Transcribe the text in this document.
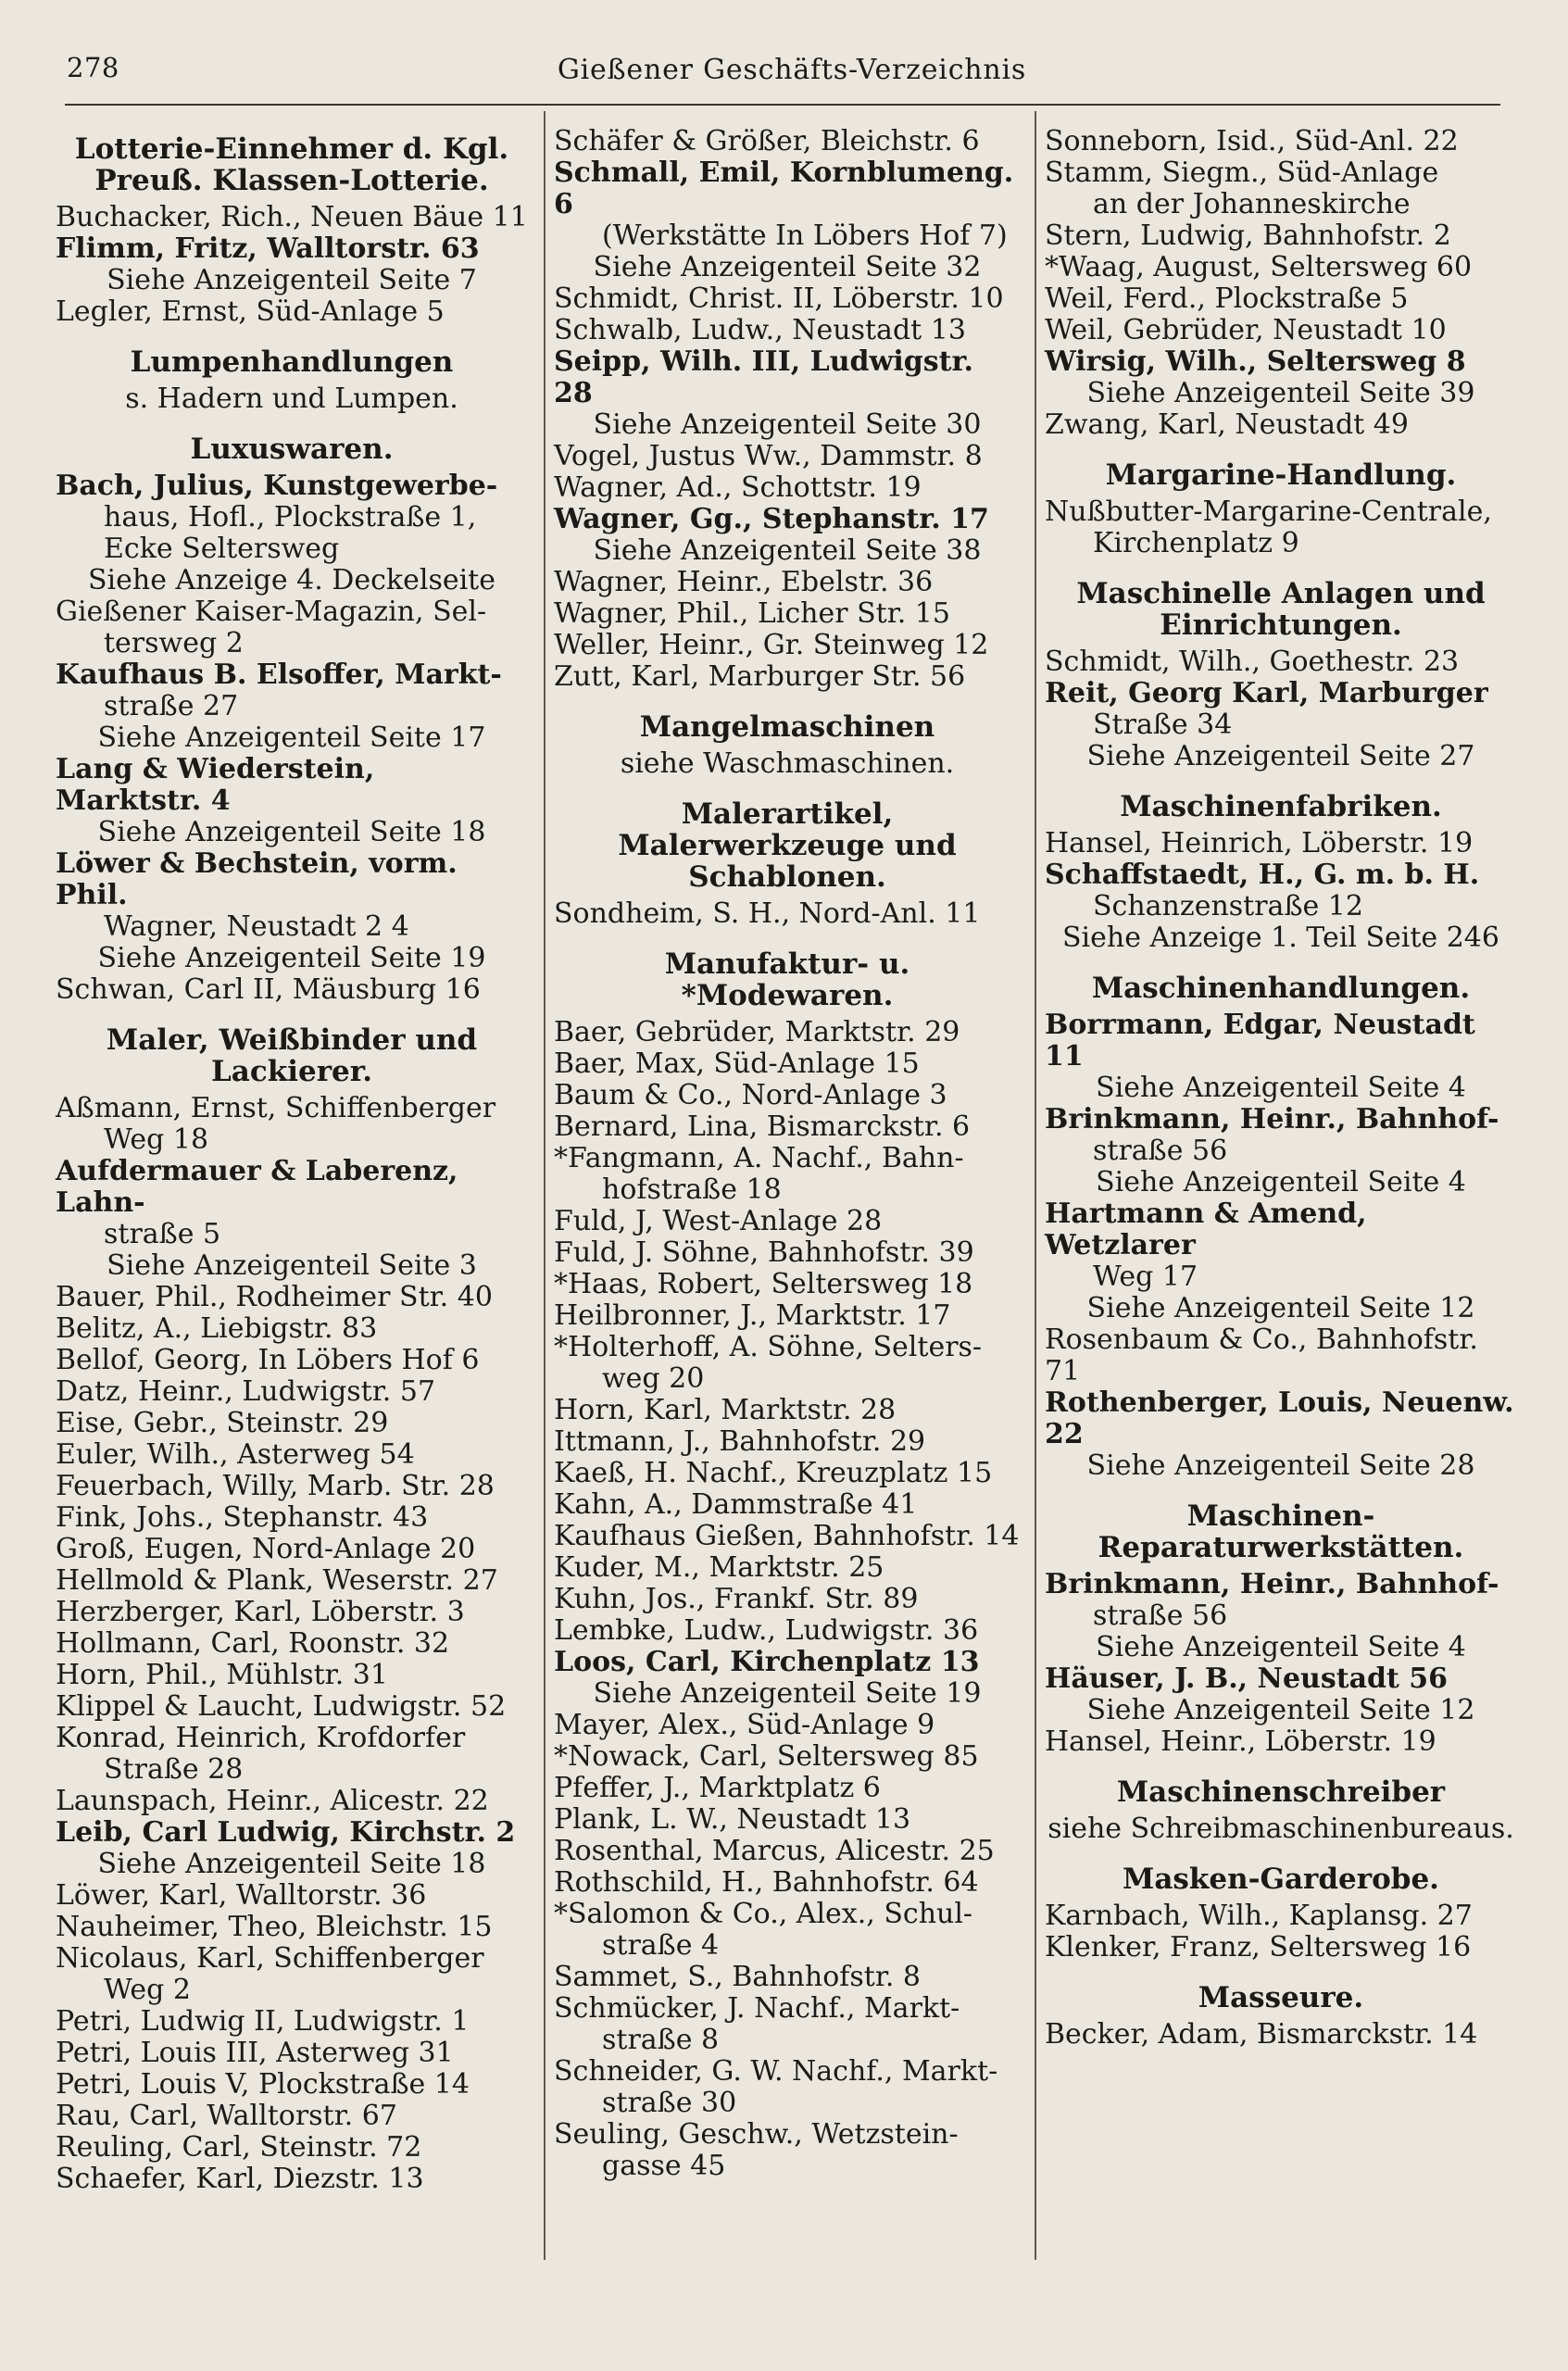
278	Gießener Geschäfts-Verzeichnis
Lotterie-Einnehmer d. Kgl. Preuß. Klassen-Lotterie.
Buchacker, Rich., Neuen Bäue 11
Flimm, Fritz, Walltorstr. 63
Siehe Anzeigenteil Seite 7
Legler, Ernst, Süd-Anlage 5
Lumpenhandlungen
s. Hadern und Lumpen.
Luxuswaren.
Bach, Julius, Kunstgewerbe-
haus, Hofl., Plockstraße 1,
Ecke Seltersweg
Siehe Anzeige 4. Deckelseite
Gießener Kaiser-Magazin, Sel-
tersweg 2
Kaufhaus B. Elsoffer, Markt-
straße 27
Siehe Anzeigenteil Seite 17
Lang & Wiederstein, Marktstr. 4
Siehe Anzeigenteil Seite 18
Löwer & Bechstein, vorm. Phil.
Wagner, Neustadt 2 4
Siehe Anzeigenteil Seite 19
Schwan, Carl II, Mäusburg 16
Maler, Weißbinder und Lackierer.
Aßmann, Ernst, Schiffenberger
Weg 18
Aufdermauer & Laberenz, Lahn-
straße 5
Siehe Anzeigenteil Seite 3
Bauer, Phil., Rodheimer Str. 40
Belitz, A., Liebigstr. 83
Bellof, Georg, In Löbers Hof 6
Datz, Heinr., Ludwigstr. 57
Eise, Gebr., Steinstr. 29
Euler, Wilh., Asterweg 54
Feuerbach, Willy, Marb. Str. 28
Fink, Johs., Stephanstr. 43
Groß, Eugen, Nord-Anlage 20
Hellmold & Plank, Weserstr. 27
Herzberger, Karl, Löberstr. 3
Hollmann, Carl, Roonstr. 32
Horn, Phil., Mühlstr. 31
Klippel & Laucht, Ludwigstr. 52
Konrad, Heinrich, Krofdorfer
Straße 28
Launspach, Heinr., Alicestr. 22
Leib, Carl Ludwig, Kirchstr. 2
Siehe Anzeigenteil Seite 18
Löwer, Karl, Walltorstr. 36
Nauheimer, Theo, Bleichstr. 15
Nicolaus, Karl, Schiffenberger
Weg 2
Petri, Ludwig II, Ludwigstr. 1
Petri, Louis III, Asterweg 31
Petri, Louis V, Plockstraße 14
Rau, Carl, Walltorstr. 67
Reuling, Carl, Steinstr. 72
Schaefer, Karl, Diezstr. 13
Schäfer & Größer, Bleichstr. 6
Schmall, Emil, Kornblumeng. 6
(Werkstätte In Löbers Hof 7)
Siehe Anzeigenteil Seite 32
Schmidt, Christ. II, Löberstr. 10
Schwalb, Ludw., Neustadt 13
Seipp, Wilh. III, Ludwigstr. 28
Siehe Anzeigenteil Seite 30
Vogel, Justus Ww., Dammstr. 8
Wagner, Ad., Schottstr. 19
Wagner, Gg., Stephanstr. 17
Siehe Anzeigenteil Seite 38
Wagner, Heinr., Ebelstr. 36
Wagner, Phil., Licher Str. 15
Weller, Heinr., Gr. Steinweg 12
Zutt, Karl, Marburger Str. 56
Mangelmaschinen
siehe Waschmaschinen.
Malerartikel, Malerwerkzeuge und Schablonen.
Sondheim, S. H., Nord-Anl. 11
Manufaktur- u. *Modewaren.
Baer, Gebrüder, Marktstr. 29
Baer, Max, Süd-Anlage 15
Baum & Co., Nord-Anlage 3
Bernard, Lina, Bismarckstr. 6
*Fangmann, A. Nachf., Bahn-
hofstraße 18
Fuld, J, West-Anlage 28
Fuld, J. Söhne, Bahnhofstr. 39
*Haas, Robert, Seltersweg 18
Heilbronner, J., Marktstr. 17
*Holterhoff, A. Söhne, Selters-
weg 20
Horn, Karl, Marktstr. 28
Ittmann, J., Bahnhofstr. 29
Kaeß, H. Nachf., Kreuzplatz 15
Kahn, A., Dammstraße 41
Kaufhaus Gießen, Bahnhofstr. 14
Kuder, M., Marktstr. 25
Kuhn, Jos., Frankf. Str. 89
Lembke, Ludw., Ludwigstr. 36
Loos, Carl, Kirchenplatz 13
Siehe Anzeigenteil Seite 19
Mayer, Alex., Süd-Anlage 9
*Nowack, Carl, Seltersweg 85
Pfeffer, J., Marktplatz 6
Plank, L. W., Neustadt 13
Rosenthal, Marcus, Alicestr. 25
Rothschild, H., Bahnhofstr. 64
*Salomon & Co., Alex., Schul-
straße 4
Sammet, S., Bahnhofstr. 8
Schmücker, J. Nachf., Markt-
straße 8
Schneider, G. W. Nachf., Markt-
straße 30
Seuling, Geschw., Wetzstein-
gasse 45
Sonneborn, Isid., Süd-Anl. 22
Stamm, Siegm., Süd-Anlage
an der Johanneskirche
Stern, Ludwig, Bahnhofstr. 2
*Waag, August, Seltersweg 60
Weil, Ferd., Plockstraße 5
Weil, Gebrüder, Neustadt 10
Wirsig, Wilh., Seltersweg 8
Siehe Anzeigenteil Seite 39
Zwang, Karl, Neustadt 49
Margarine-Handlung.
Nußbutter-Margarine-Centrale,
Kirchenplatz 9
Maschinelle Anlagen und Einrichtungen.
Schmidt, Wilh., Goethestr. 23
Reit, Georg Karl, Marburger
Straße 34
Siehe Anzeigenteil Seite 27
Maschinenfabriken.
Hansel, Heinrich, Löberstr. 19
Schaffstaedt, H., G. m. b. H.
Schanzenstraße 12
Siehe Anzeige 1. Teil Seite 246
Maschinenhandlungen.
Borrmann, Edgar, Neustadt 11
Siehe Anzeigenteil Seite 4
Brinkmann, Heinr., Bahnhof-
straße 56
Siehe Anzeigenteil Seite 4
Hartmann & Amend, Wetzlarer
Weg 17
Siehe Anzeigenteil Seite 12
Rosenbaum & Co., Bahnhofstr. 71
Rothenberger, Louis, Neuenw. 22
Siehe Anzeigenteil Seite 28
Maschinen-Reparaturwerkstätten.
Brinkmann, Heinr., Bahnhof-
straße 56
Siehe Anzeigenteil Seite 4
Häuser, J. B., Neustadt 56
Siehe Anzeigenteil Seite 12
Hansel, Heinr., Löberstr. 19
Maschinenschreiber
siehe Schreibmaschinenbureaus.
Masken-Garderobe.
Karnbach, Wilh., Kaplansg. 27
Klenker, Franz, Seltersweg 16
Masseure.
Becker, Adam, Bismarckstr. 14
